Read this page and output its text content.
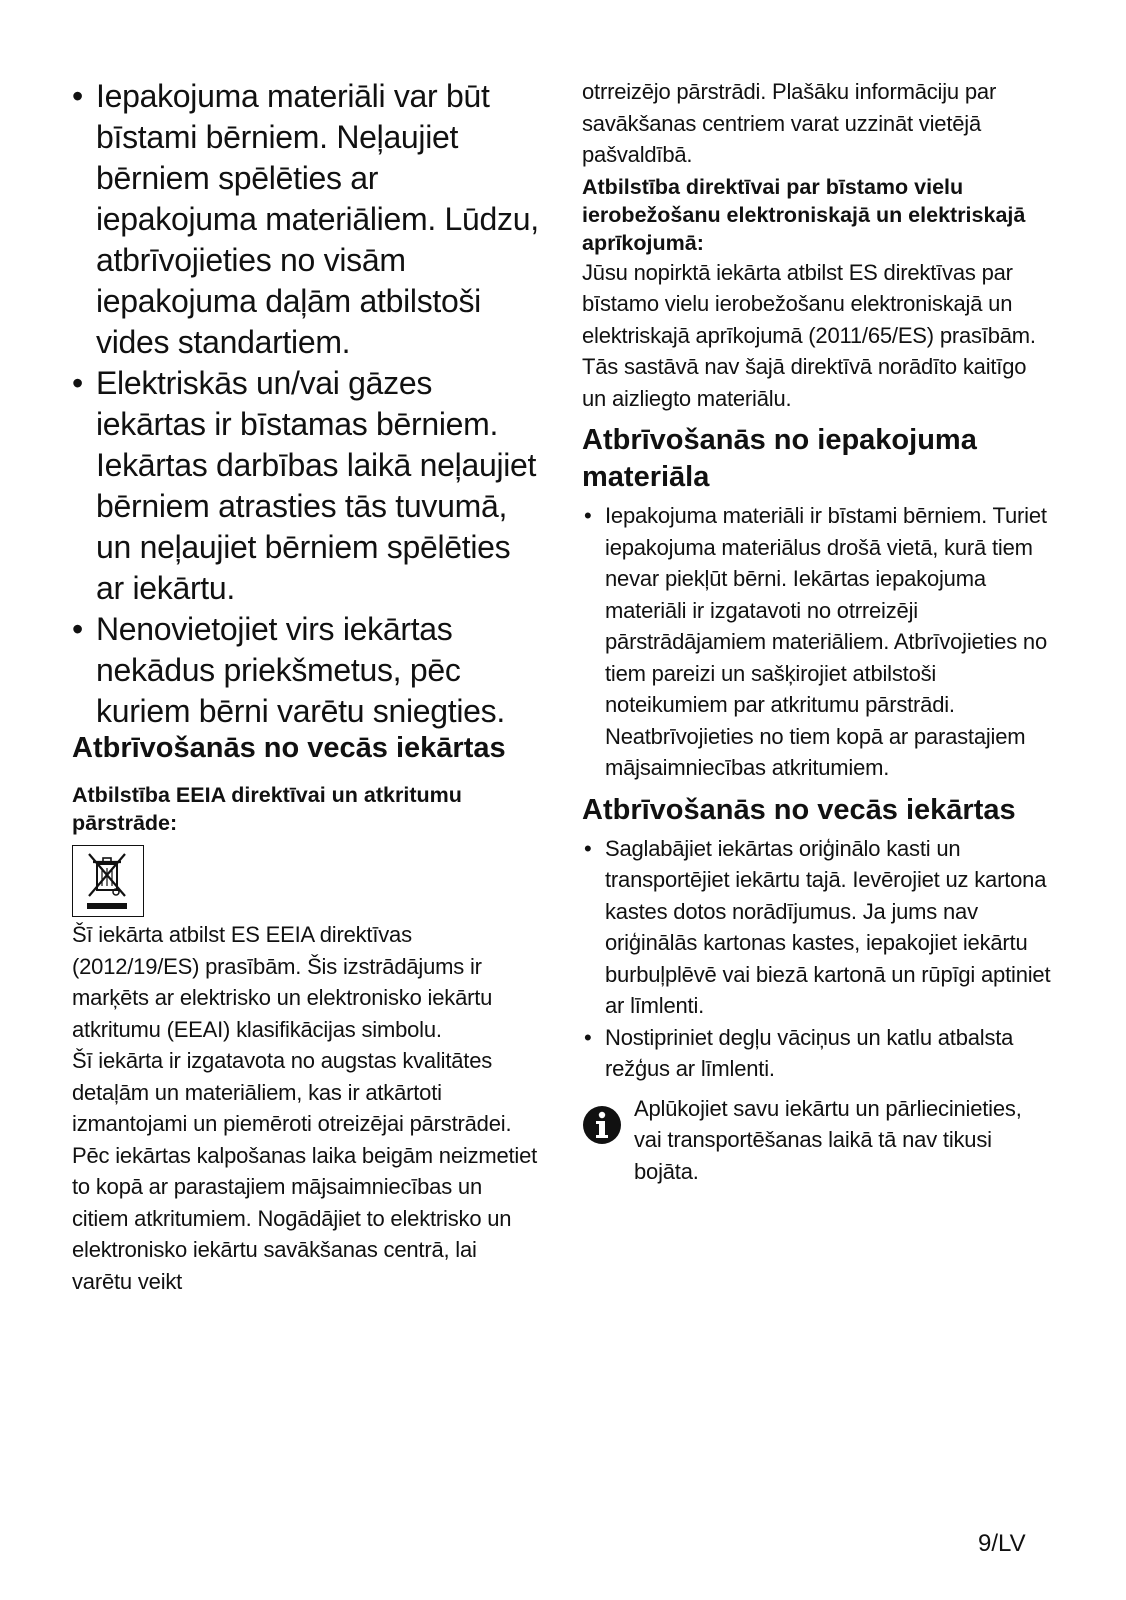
• Iepakojuma materiāli var būt bīstami bērniem. Neļaujiet bērniem spēlēties ar iepakojuma materiāliem. Lūdzu, atbrīvojieties no visām iepakojuma daļām atbilstoši vides standartiem.
• Elektriskās un/vai gāzes iekārtas ir bīstamas bērniem. Iekārtas darbības laikā neļaujiet bērniem atrasties tās tuvumā, un neļaujiet bērniem spēlēties ar iekārtu.
• Nenovietojiet virs iekārtas nekādus priekšmetus, pēc kuriem bērni varētu sniegties.
Atbrīvošanās no vecās iekārtas
Atbilstība EEIA direktīvai un atkritumu pārstrāde:

Šī iekārta atbilst ES EEIA direktīvas (2012/19/ES) prasībām. Šis izstrādājums ir marķēts ar elektrisko un elektronisko iekārtu atkritumu (EEAI) klasifikācijas simbolu.

Šī iekārta ir izgatavota no augstas kvalitātes detaļām un materiāliem, kas ir atkārtoti izmantojami un piemēroti otreizējai pārstrādei. Pēc iekārtas kalpošanas laika beigām neizmetiet to kopā ar parastajiem mājsaimniecības un citiem atkritumiem. Nogādājiet to elektrisko un elektronisko iekārtu savākšanas centrā, lai varētu veikt

otrreizējo pārstrādi. Plašāku informāciju par savākšanas centriem varat uzzināt vietējā pašvaldībā.

Atbilstība direktīvai par bīstamo vielu ierobežošanu elektroniskajā un elektriskajā aprīkojumā:

Jūsu nopirktā iekārta atbilst ES direktīvas par bīstamo vielu ierobežošanu elektroniskajā un elektriskajā aprīkojumā (2011/65/ES) prasībām. Tās sastāvā nav šajā direktīvā norādīto kaitīgo un aizliegto materiālu.

Atbrīvošanās no iepakojuma materiāla
• Iepakojuma materiāli ir bīstami bērniem. Turiet iepakojuma materiālus drošā vietā, kurā tiem nevar piekļūt bērni. Iekārtas iepakojuma materiāli ir izgatavoti no otrreizēji pārstrādājamiem materiāliem. Atbrīvojieties no tiem pareizi un sašķirojiet atbilstoši noteikumiem par atkritumu pārstrādi. Neatbrīvojieties no tiem kopā ar parastajiem mājsaimniecības atkritumiem.
Atbrīvošanās no vecās iekārtas
• Saglabājiet iekārtas oriģinālo kasti un transportējiet iekārtu tajā. Ievērojiet uz kartona kastes dotos norādījumus. Ja jums nav oriģinālās kartonas kastes, iepakojiet iekārtu burbuļplēvē vai biezā kartonā un rūpīgi aptiniet ar līmlenti.
• Nostipriniet degļu vāciņus un katlu atbalsta režģus ar līmlenti.

Aplūkojiet savu iekārtu un pārliecinieties, vai transportēšanas laikā tā nav tikusi bojāta.

9/LV
